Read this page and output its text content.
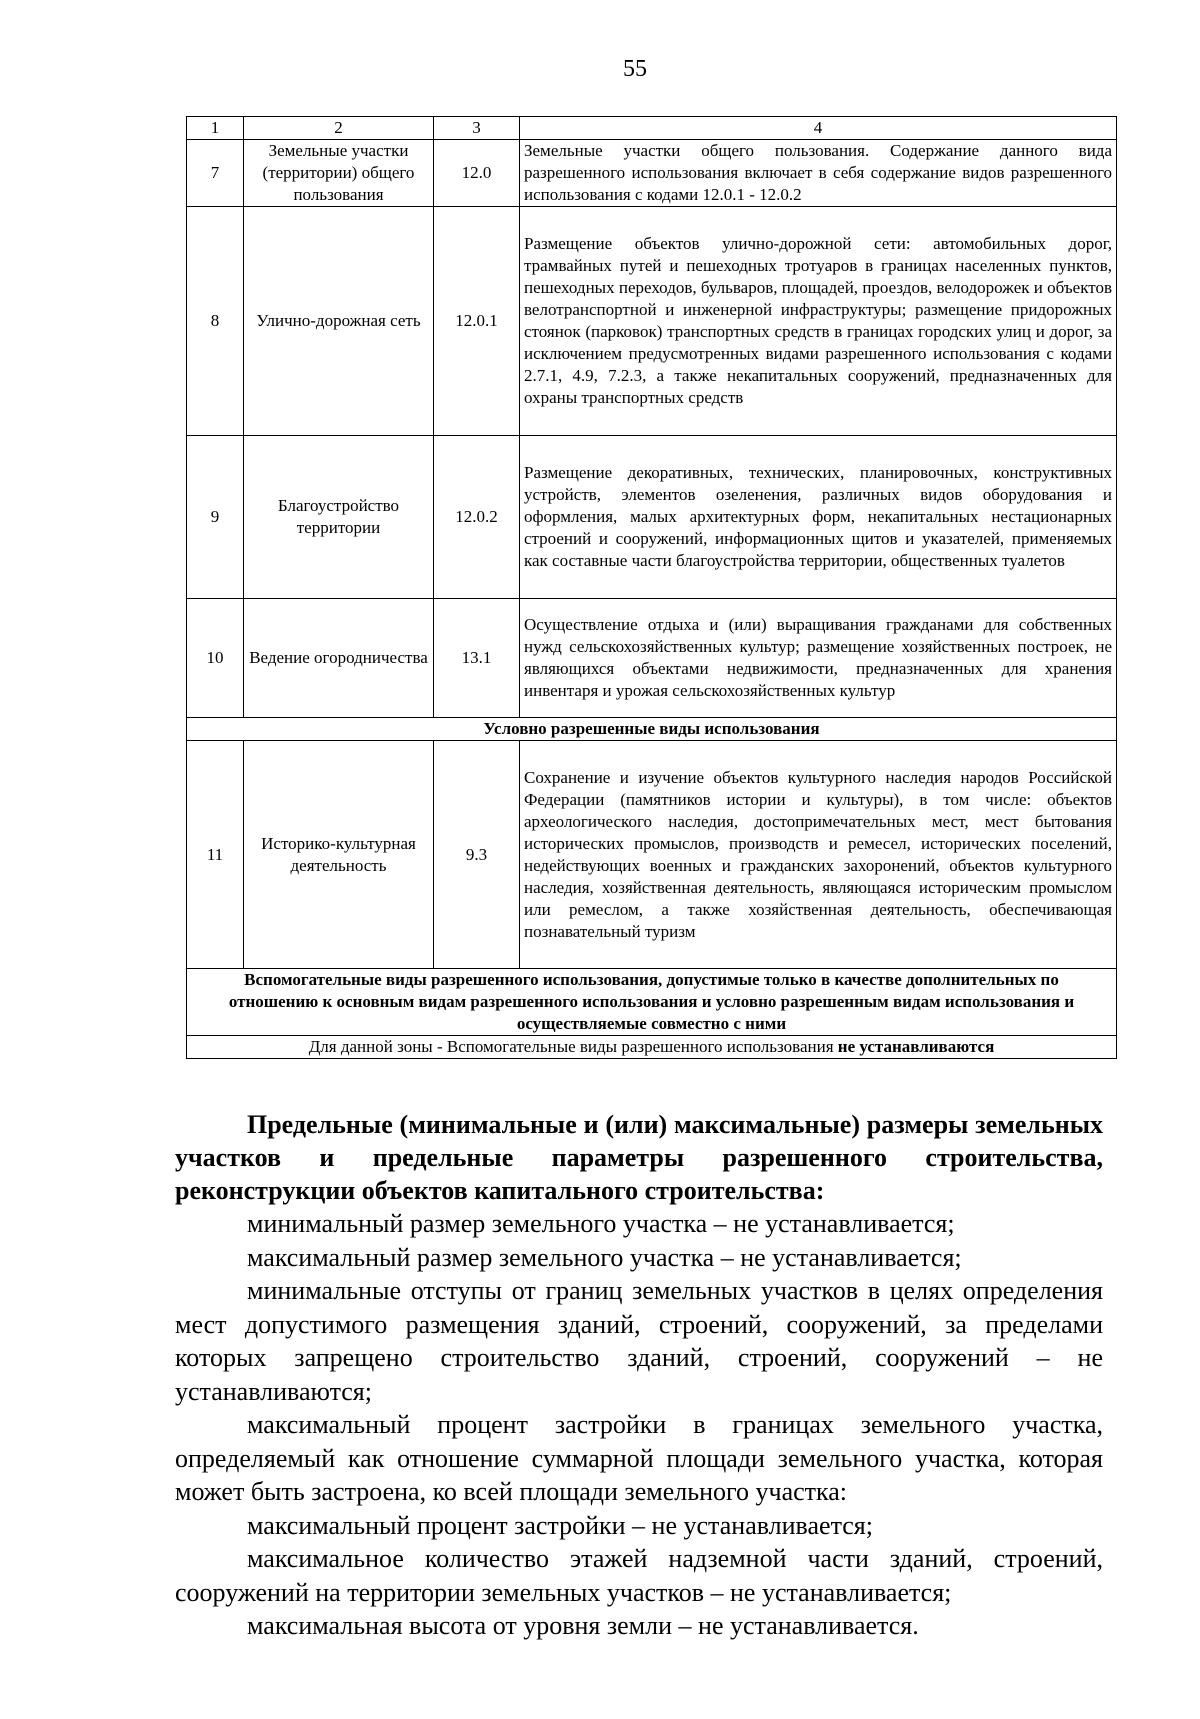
55
1	2	3	4
7	Земельные участки (территории) общего пользования	12.0	Земельные участки общего пользования. Содержание данного вида разрешенного использования включает в себя содержание видов разрешенного использования с кодами 12.0.1 - 12.0.2
8	Улично-дорожная сеть	12.0.1	Размещение объектов улично-дорожной сети: автомобильных дорог, трамвайных путей и пешеходных тротуаров в границах населенных пунктов, пешеходных переходов, бульваров, площадей, проездов, велодорожек и объектов велотранспортной и инженерной инфраструктуры; размещение придорожных стоянок (парковок) транспортных средств в границах городских улиц и дорог, за исключением предусмотренных видами разрешенного использования с кодами 2.7.1, 4.9, 7.2.3, а также некапитальных сооружений, предназначенных для охраны транспортных средств
9	Благоустройство территории	12.0.2	Размещение декоративных, технических, планировочных, конструктивных устройств, элементов озеленения, различных видов оборудования и оформления, малых архитектурных форм, некапитальных нестационарных строений и сооружений, информационных щитов и указателей, применяемых как составные части благоустройства территории, общественных туалетов
10	Ведение огородничества	13.1	Осуществление отдыха и (или) выращивания гражданами для собственных нужд сельскохозяйственных культур; размещение хозяйственных построек, не являющихся объектами недвижимости, предназначенных для хранения инвентаря и урожая сельскохозяйственных культур
Условно разрешенные виды использования			
11	Историко-культурная деятельность	9.3	Сохранение и изучение объектов культурного наследия народов Российской Федерации (памятников истории и культуры), в том числе: объектов археологического наследия, достопримечательных мест, мест бытования исторических промыслов, производств и ремесел, исторических поселений, недействующих военных и гражданских захоронений, объектов культурного наследия, хозяйственная деятельность, являющаяся историческим промыслом или ремеслом, а также хозяйственная деятельность, обеспечивающая познавательный туризм
Вспомогательные виды разрешенного использования, допустимые только в качестве дополнительных по отношению к основным видам разрешенного использования и условно разрешенным видам использования и осуществляемые совместно с ними			
Для данной зоны - Вспомогательные виды разрешенного использования не устанавливаются			

Предельные (минимальные и (или) максимальные) размеры земельных участков и предельные параметры разрешенного строительства, реконструкции объектов капитального строительства:

минимальный размер земельного участка – не устанавливается;

максимальный размер земельного участка – не устанавливается;

минимальные отступы от границ земельных участков в целях определения мест допустимого размещения зданий, строений, сооружений, за пределами которых запрещено строительство зданий, строений, сооружений – не устанавливаются;

максимальный процент застройки в границах земельного участка, определяемый как отношение суммарной площади земельного участка, которая может быть застроена, ко всей площади земельного участка:

максимальный процент застройки – не устанавливается;

максимальное количество этажей надземной части зданий, строений, сооружений на территории земельных участков – не устанавливается;

максимальная высота от уровня земли – не устанавливается.
